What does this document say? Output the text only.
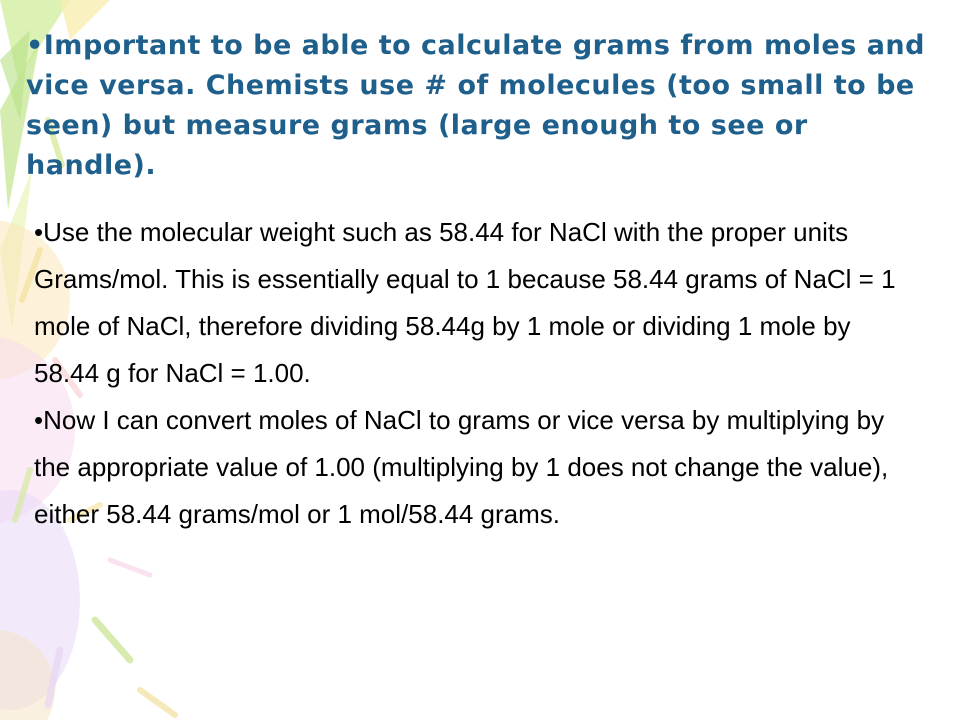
•Important to be able to calculate grams from moles and vice versa. Chemists use # of molecules (too small to be seen) but measure grams (large enough to see or handle).

•Use the molecular weight such as 58.44 for NaCl with the proper units Grams/mol. This is essentially equal to 1 because 58.44 grams of NaCl = 1 mole of NaCl, therefore dividing 58.44g by 1 mole or dividing 1 mole by 58.44 g for NaCl = 1.00.

•Now I can convert moles of NaCl to grams or vice versa by multiplying by the appropriate value of 1.00 (multiplying by 1 does not change the value), either 58.44 grams/mol or 1 mol/58.44 grams.
